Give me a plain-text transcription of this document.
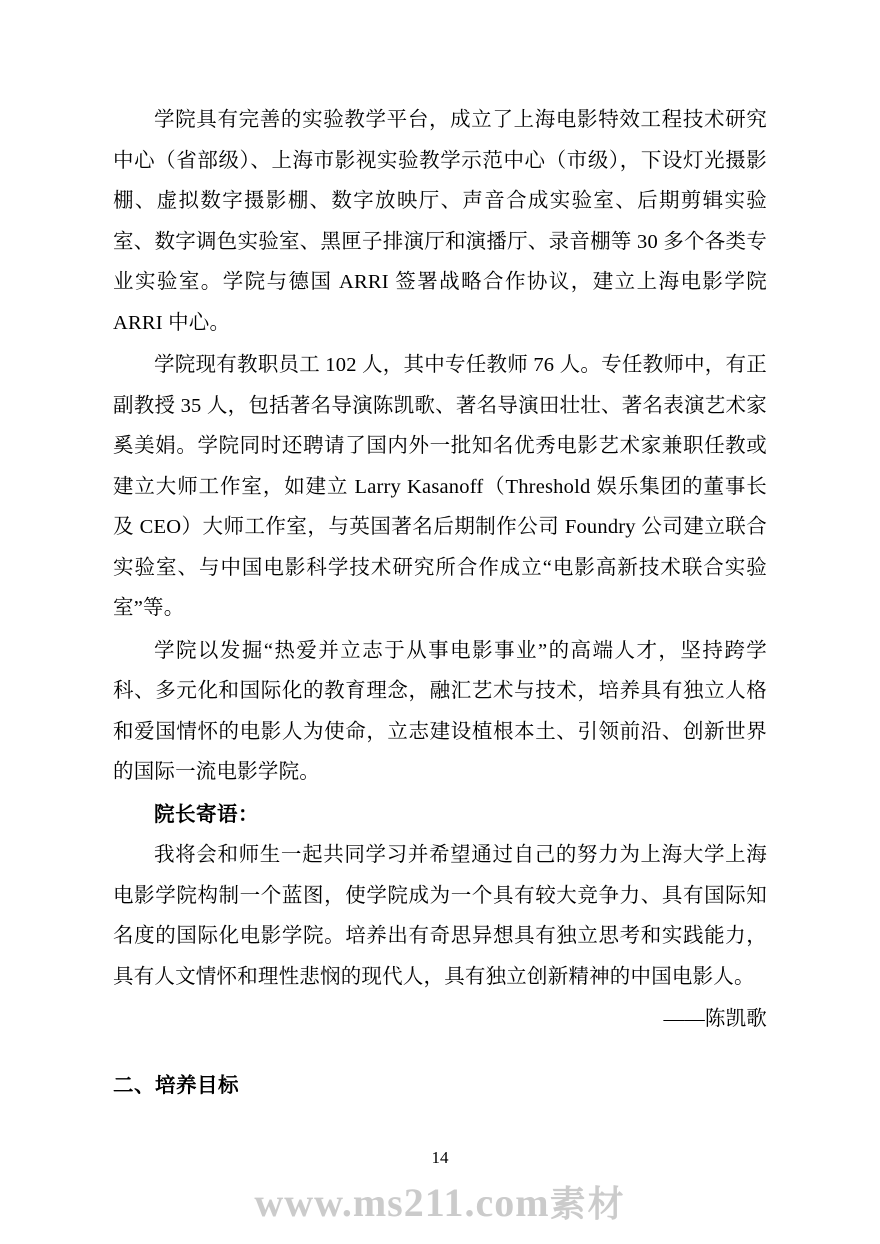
学院具有完善的实验教学平台，成立了上海电影特效工程技术研究中心（省部级）、上海市影视实验教学示范中心（市级），下设灯光摄影棚、虚拟数字摄影棚、数字放映厅、声音合成实验室、后期剪辑实验室、数字调色实验室、黑匣子排演厅和演播厅、录音棚等 30 多个各类专业实验室。学院与德国 ARRI 签署战略合作协议，建立上海电影学院 ARRI 中心。

学院现有教职员工 102 人，其中专任教师 76 人。专任教师中，有正副教授 35 人，包括著名导演陈凯歌、著名导演田壮壮、著名表演艺术家奚美娟。学院同时还聘请了国内外一批知名优秀电影艺术家兼职任教或建立大师工作室，如建立 Larry Kasanoff（Threshold 娱乐集团的董事长及 CEO）大师工作室，与英国著名后期制作公司 Foundry 公司建立联合实验室、与中国电影科学技术研究所合作成立“电影高新技术联合实验室”等。

学院以发掘“热爱并立志于从事电影事业”的高端人才，坚持跨学科、多元化和国际化的教育理念，融汇艺术与技术，培养具有独立人格和爱国情怀的电影人为使命，立志建设植根本土、引领前沿、创新世界的国际一流电影学院。

院长寄语：

我将会和师生一起共同学习并希望通过自己的努力为上海大学上海电影学院构制一个蓝图，使学院成为一个具有较大竞争力、具有国际知名度的国际化电影学院。培养出有奇思异想具有独立思考和实践能力，具有人文情怀和理性悲悯的现代人，具有独立创新精神的中国电影人。

——陈凯歌

二、培养目标

14
www.ms211.com素材
